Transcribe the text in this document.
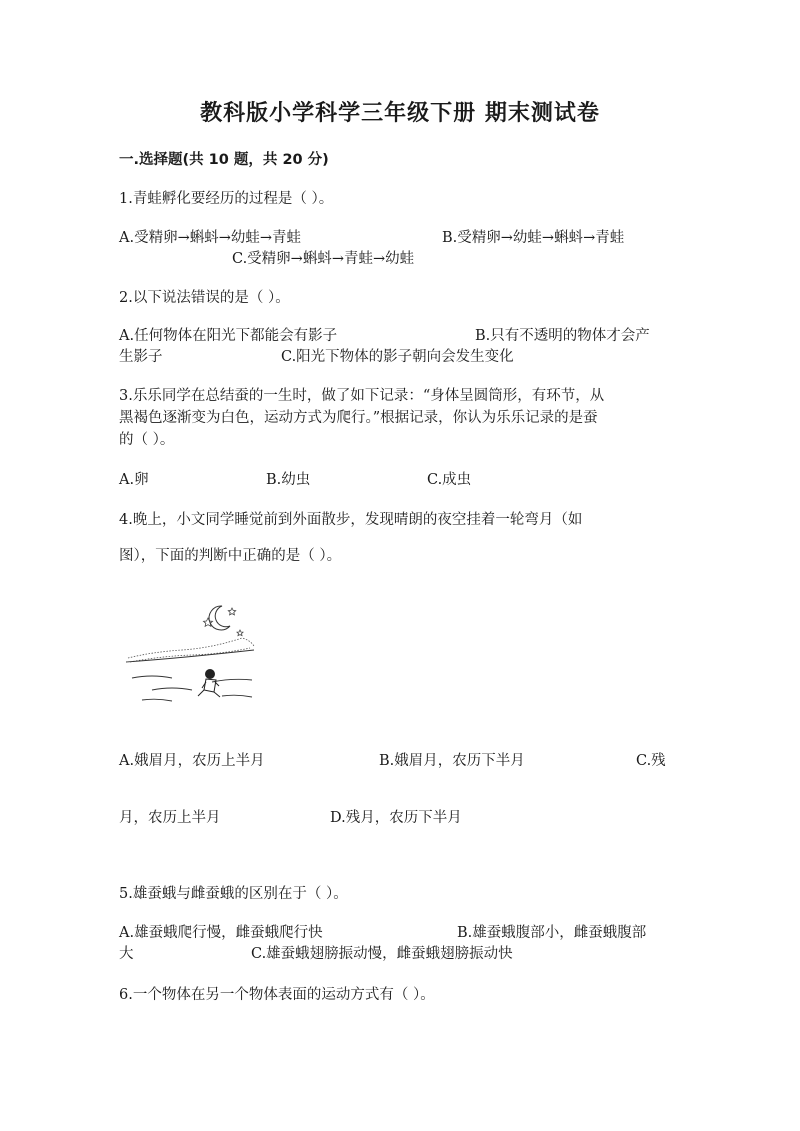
教科版小学科学三年级下册 期末测试卷
一.选择题(共 10 题，共 20 分)
1.青蛙孵化要经历的过程是（ ）。
A.受精卵→蝌蚪→幼蛙→青蛙	B.受精卵→幼蛙→蝌蚪→青蛙
C.受精卵→蝌蚪→青蛙→幼蛙
2.以下说法错误的是（ ）。
A.任何物体在阳光下都能会有影子	B.只有不透明的物体才会产
生影子	C.阳光下物体的影子朝向会发生变化
3.乐乐同学在总结蚕的一生时，做了如下记录：“身体呈圆筒形，有环节，从
黑褐色逐渐变为白色，运动方式为爬行。”根据记录，你认为乐乐记录的是蚕
的（ ）。
A.卵	B.幼虫	C.成虫
4.晚上，小文同学睡觉前到外面散步，发现晴朗的夜空挂着一轮弯月（如
图），下面的判断中正确的是（ ）。
A.娥眉月，农历上半月	B.娥眉月，农历下半月	C.残
月，农历上半月	D.残月，农历下半月
5.雄蚕蛾与雌蚕蛾的区别在于（ ）。
A.雄蚕蛾爬行慢，雌蚕蛾爬行快	B.雄蚕蛾腹部小，雌蚕蛾腹部
大	C.雄蚕蛾翅膀振动慢，雌蚕蛾翅膀振动快
6.一个物体在另一个物体表面的运动方式有（ ）。
